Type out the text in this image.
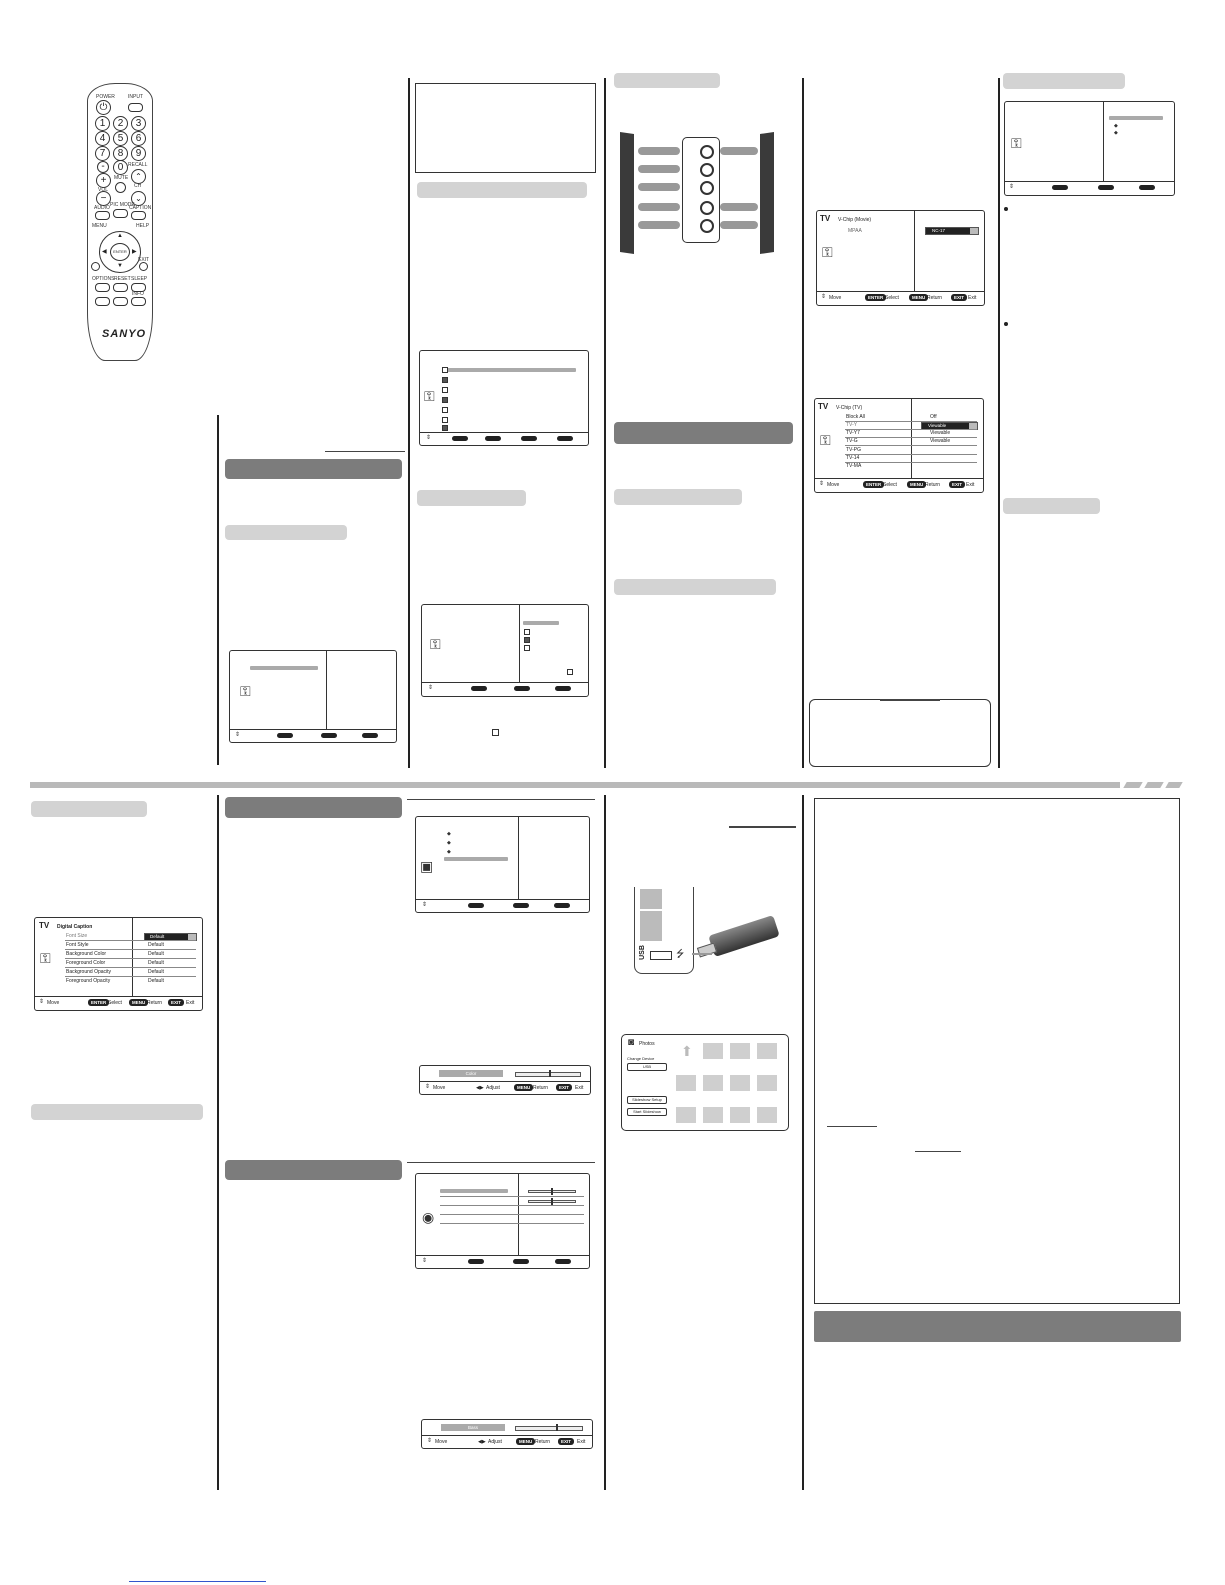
POWER	INPUT
⏻
1	2	3
4	5	6
7	8	9
-	0 RECALL
⌃
+	MUTE
VOL
CH
−	⌄
AUDIO PIC MODE
CAPTION
MENU	HELP
▲
▼
◀	▶
ENTER
EXIT
OPTIONS RESET SLEEP
INFO
SANYO
⚿
⇕
⚿
⇕
⚿
⇕
TV V-Chip (Movie)
MPAA	NC-17
⚿
⇕ Move	ENTER Select	MENU Return	EXIT Exit
TV V-Chip (TV)
Block All	Off
TV-Y	Viewable
TV-Y7	Viewable
TV-G	Viewable
TV-PG
TV-14
TV-MA
⚿
⇕ Move	ENTER Select	MENU Return	EXIT Exit
◆
◆
⚿
⇕
TV Digital Caption
Font Size	Default
Font Style	Default
Background Color	Default
Foreground Color	Default
Background Opacity	Default
Foreground Opacity	Default
⚿
⇕ Move	ENTER Select	MENU Return	EXIT Exit
◆
◆
◆
▣
⇕
Color
⇕ Move	◀▶ Adjust	MENU Return	EXIT	Exit
◉
⇕
Bass
⇕ Move	◀▶ Adjust	MENU Return	EXIT	Exit
USB	⭍
◙ Photos
Change Device
USB
Slideshow Setup
Start Slideshow
⬆
